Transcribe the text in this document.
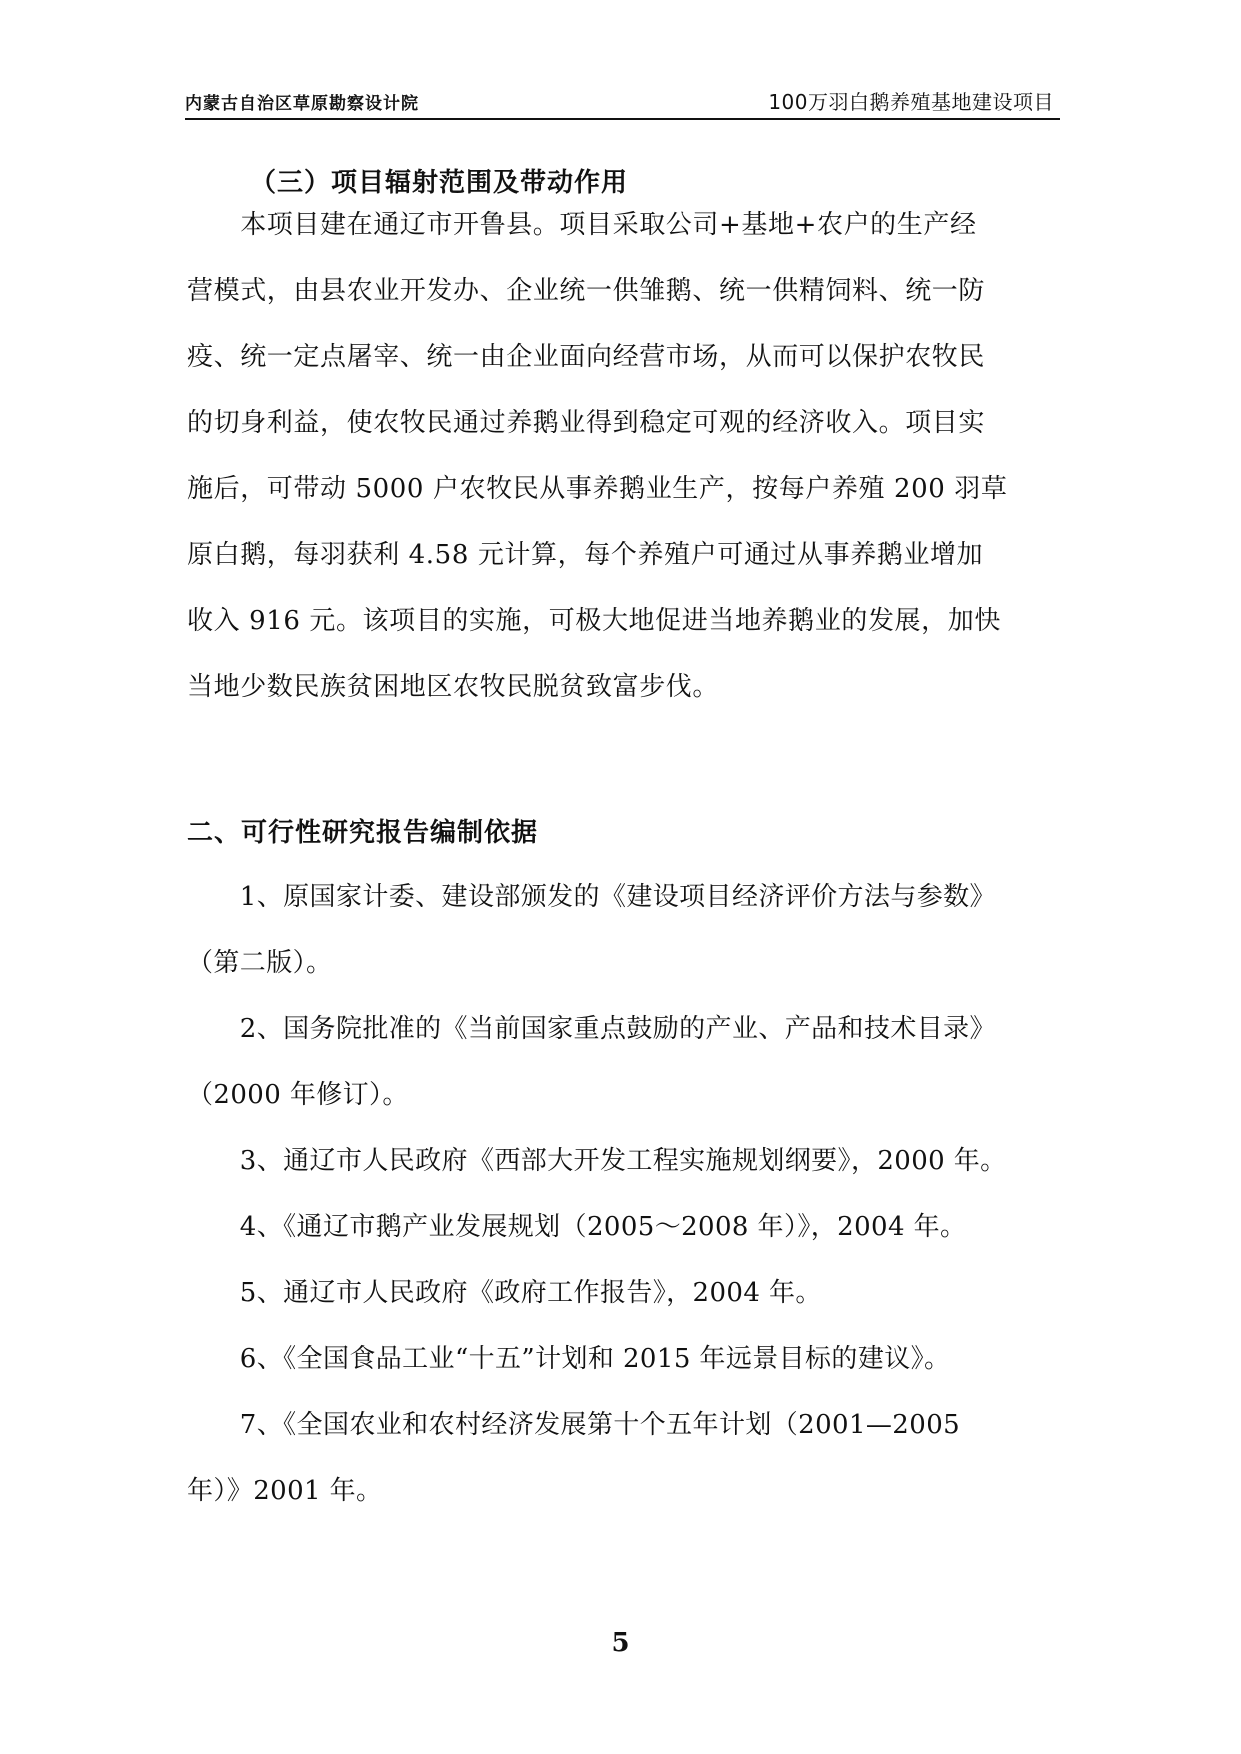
内蒙古自治区草原勘察设计院	100万羽白鹅养殖基地建设项目
（三）项目辐射范围及带动作用
　　本项目建在通辽市开鲁县。项目采取公司+基地+农户的生产经
营模式，由县农业开发办、企业统一供雏鹅、统一供精饲料、统一防
疫、统一定点屠宰、统一由企业面向经营市场，从而可以保护农牧民
的切身利益，使农牧民通过养鹅业得到稳定可观的经济收入。项目实
施后，可带动 5000 户农牧民从事养鹅业生产，按每户养殖 200 羽草
原白鹅，每羽获利 4.58 元计算，每个养殖户可通过从事养鹅业增加
收入 916 元。该项目的实施，可极大地促进当地养鹅业的发展，加快
当地少数民族贫困地区农牧民脱贫致富步伐。
二、可行性研究报告编制依据
　　1、原国家计委、建设部颁发的《建设项目经济评价方法与参数》
（第二版）。
　　2、国务院批准的《当前国家重点鼓励的产业、产品和技术目录》
（2000 年修订）。
　　3、通辽市人民政府《西部大开发工程实施规划纲要》，2000 年。
　　4、《通辽市鹅产业发展规划（2005～2008 年）》，2004 年。
　　5、通辽市人民政府《政府工作报告》，2004 年。
　　6、《全国食品工业“十五”计划和 2015 年远景目标的建议》。
　　7、《全国农业和农村经济发展第十个五年计划（2001—2005
年）》2001 年。
5
